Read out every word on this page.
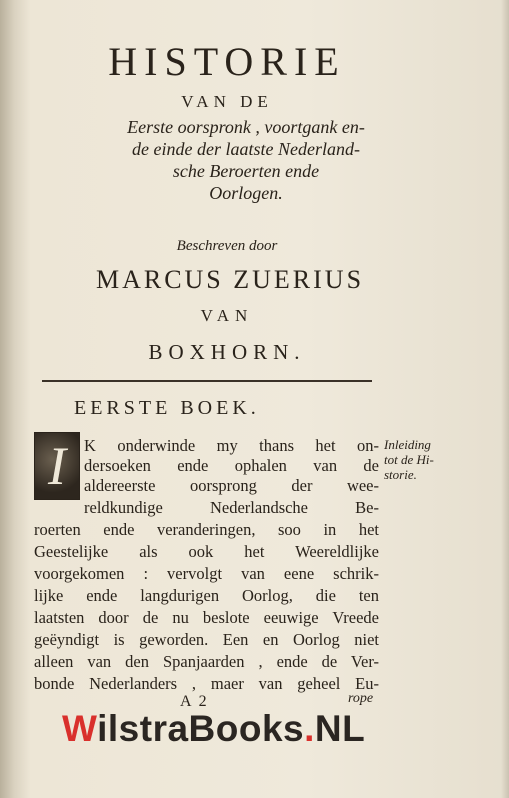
HISTORIE
VAN DE
Eerste oorspronk , voortgank en-
de einde der laatste Nederland-
sche Beroerten ende
Oorlogen.
Beschreven door
MARCUS ZUERIUS
VAN
BOXHORN.
EERSTE BOEK.
I K onderwinde my thans het on-
dersoeken ende ophalen van de
aldereerste oorsprong der wee-
reldkundige Nederlandsche Be-
roerten ende veranderingen, soo in het
Geestelijke als ook het Weereldlijke
voorgekomen : vervolgt van eene schrik-
lijke ende langdurigen Oorlog, die ten
laatsten door de nu beslote eeuwige Vreede
geëyndigt is geworden. Een en Oorlog niet
alleen van den Spanjaarden , ende de Ver-
bonde Nederlanders , maer van geheel Eu-
Inleiding
tot de Hi-
storie.
A 2	rope
WilstraBooks.NL
